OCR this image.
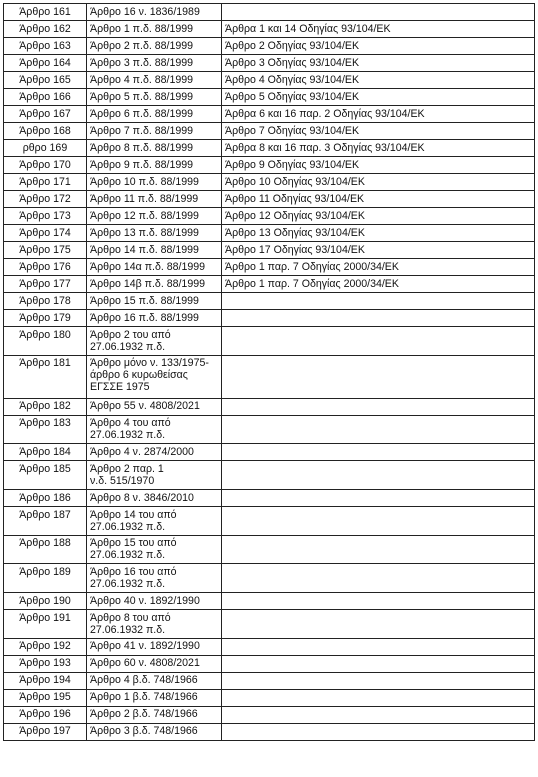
Άρθρο 161	Άρθρο 16 ν. 1836/1989	
Άρθρο 162	Άρθρο 1 π.δ. 88/1999	Άρθρα 1 και 14 Οδηγίας 93/104/ΕΚ
Άρθρο 163	Άρθρο 2 π.δ. 88/1999	Άρθρο 2 Οδηγίας 93/104/ΕΚ
Άρθρο 164	Άρθρο 3 π.δ. 88/1999	Άρθρο 3 Οδηγίας 93/104/ΕΚ
Άρθρο 165	Άρθρο 4 π.δ. 88/1999	Άρθρο 4 Οδηγίας 93/104/ΕΚ
Άρθρο 166	Άρθρο 5 π.δ. 88/1999	Άρθρο 5 Οδηγίας 93/104/ΕΚ
Άρθρο 167	Άρθρο 6 π.δ. 88/1999	Άρθρα 6 και 16 παρ. 2 Οδηγίας 93/104/ΕΚ
Άρθρο 168	Άρθρο 7 π.δ. 88/1999	Άρθρο 7 Οδηγίας 93/104/ΕΚ
ρθρο 169	Άρθρο 8 π.δ. 88/1999	Άρθρα 8 και 16 παρ. 3 Οδηγίας 93/104/ΕΚ
Άρθρο 170	Άρθρο 9 π.δ. 88/1999	Άρθρο 9 Οδηγίας 93/104/ΕΚ
Άρθρο 171	Άρθρο 10 π.δ. 88/1999	Άρθρο 10 Οδηγίας 93/104/ΕΚ
Άρθρο 172	Άρθρο 11 π.δ. 88/1999	Άρθρο 11 Οδηγίας 93/104/ΕΚ
Άρθρο 173	Άρθρο 12 π.δ. 88/1999	Άρθρο 12 Οδηγίας 93/104/ΕΚ
Άρθρο 174	Άρθρο 13 π.δ. 88/1999	Άρθρο 13 Οδηγίας 93/104/ΕΚ
Άρθρο 175	Άρθρο 14 π.δ. 88/1999	Άρθρο 17 Οδηγίας 93/104/ΕΚ
Άρθρο 176	Άρθρο 14α π.δ. 88/1999	Άρθρο 1 παρ. 7 Οδηγίας 2000/34/ΕΚ
Άρθρο 177	Άρθρο 14β π.δ. 88/1999	Άρθρο 1 παρ. 7 Οδηγίας 2000/34/ΕΚ
Άρθρο 178	Άρθρο 15 π.δ. 88/1999	
Άρθρο 179	Άρθρο 16 π.δ. 88/1999	
Άρθρο 180	Άρθρο 2 του από
27.06.1932 π.δ.	
Άρθρο 181	Άρθρο μόνο ν. 133/1975-
άρθρο 6 κυρωθείσας
ΕΓΣΣΕ 1975	
Άρθρο 182	Άρθρο 55 ν. 4808/2021	
Άρθρο 183	Άρθρο 4 του από
27.06.1932 π.δ.	
Άρθρο 184	Άρθρο 4 ν. 2874/2000	
Άρθρο 185	Άρθρο 2 παρ. 1
ν.δ. 515/1970	
Άρθρο 186	Άρθρο 8 ν. 3846/2010	
Άρθρο 187	Άρθρο 14 του από
27.06.1932 π.δ.	
Άρθρο 188	Άρθρο 15 του από
27.06.1932 π.δ.	
Άρθρο 189	Άρθρο 16 του από
27.06.1932 π.δ.	
Άρθρο 190	Άρθρο 40 ν. 1892/1990	
Άρθρο 191	Άρθρο 8 του από
27.06.1932 π.δ.	
Άρθρο 192	Άρθρο 41 ν. 1892/1990	
Άρθρο 193	Άρθρο 60 ν. 4808/2021	
Άρθρο 194	Άρθρο 4 β.δ. 748/1966	
Άρθρο 195	Άρθρο 1 β.δ. 748/1966	
Άρθρο 196	Άρθρο 2 β.δ. 748/1966	
Άρθρο 197	Άρθρο 3 β.δ. 748/1966	
